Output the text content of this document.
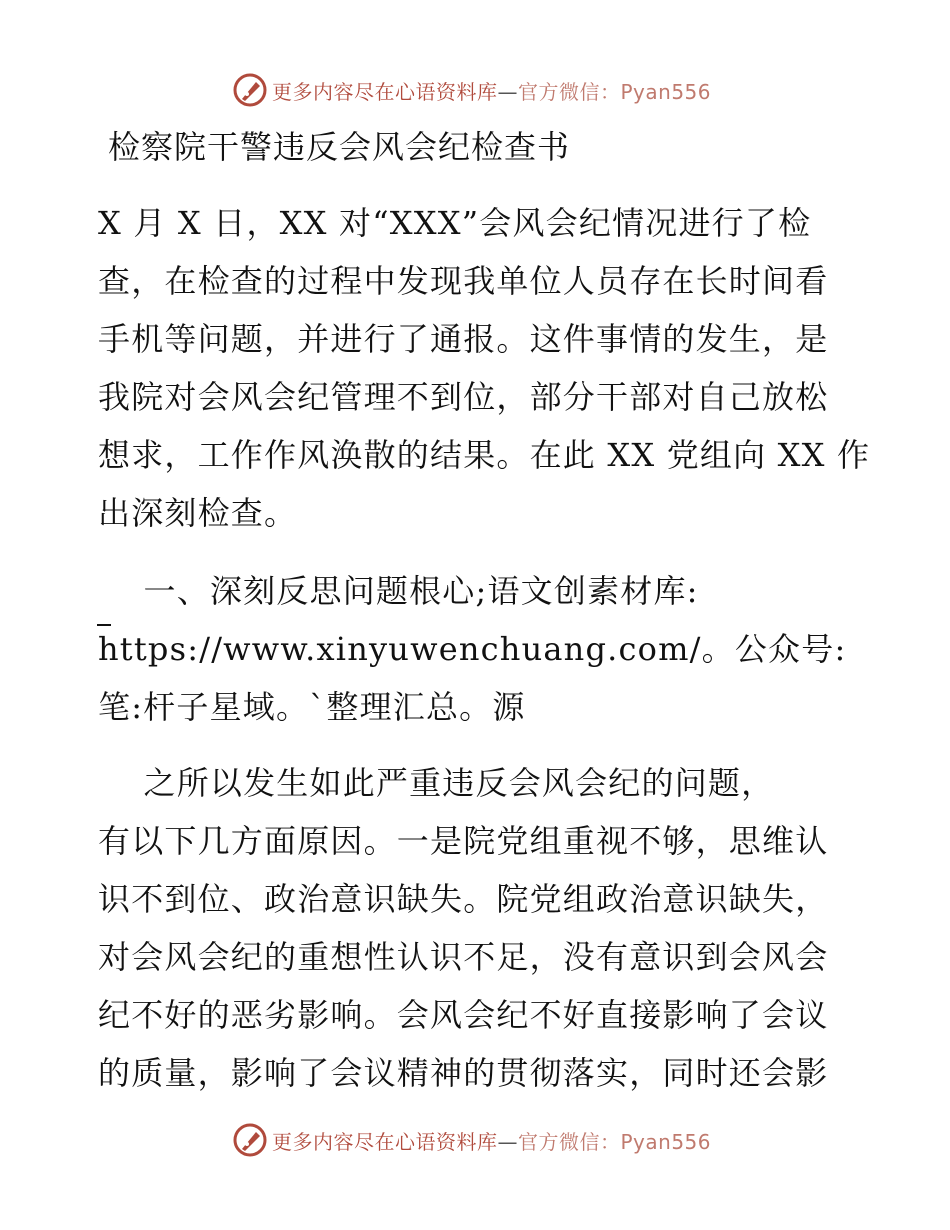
更多内容尽在心语资料库—官方微信：Pyan556
检察院干警违反会风会纪检查书
X 月 X 日，XX 对“XXX”会风会纪情况进行了检
查，在检查的过程中发现我单位人员存在长时间看
手机等问题，并进行了通报。这件事情的发生，是
我院对会风会纪管理不到位，部分干部对自己放松
想求，工作作风涣散的结果。在此 XX 党组向 XX 作
出深刻检查。
一、深刻反思问题根心;语文创素材库:
https://www.xinyuwenchuang.com/。公众号:
笔:杆子星域。`整理汇总。源
之所以发生如此严重违反会风会纪的问题，
有以下几方面原因。一是院党组重视不够，思维认
识不到位、政治意识缺失。院党组政治意识缺失，
对会风会纪的重想性认识不足，没有意识到会风会
纪不好的恶劣影响。会风会纪不好直接影响了会议
的质量，影响了会议精神的贯彻落实，同时还会影
更多内容尽在心语资料库—官方微信：Pyan556
